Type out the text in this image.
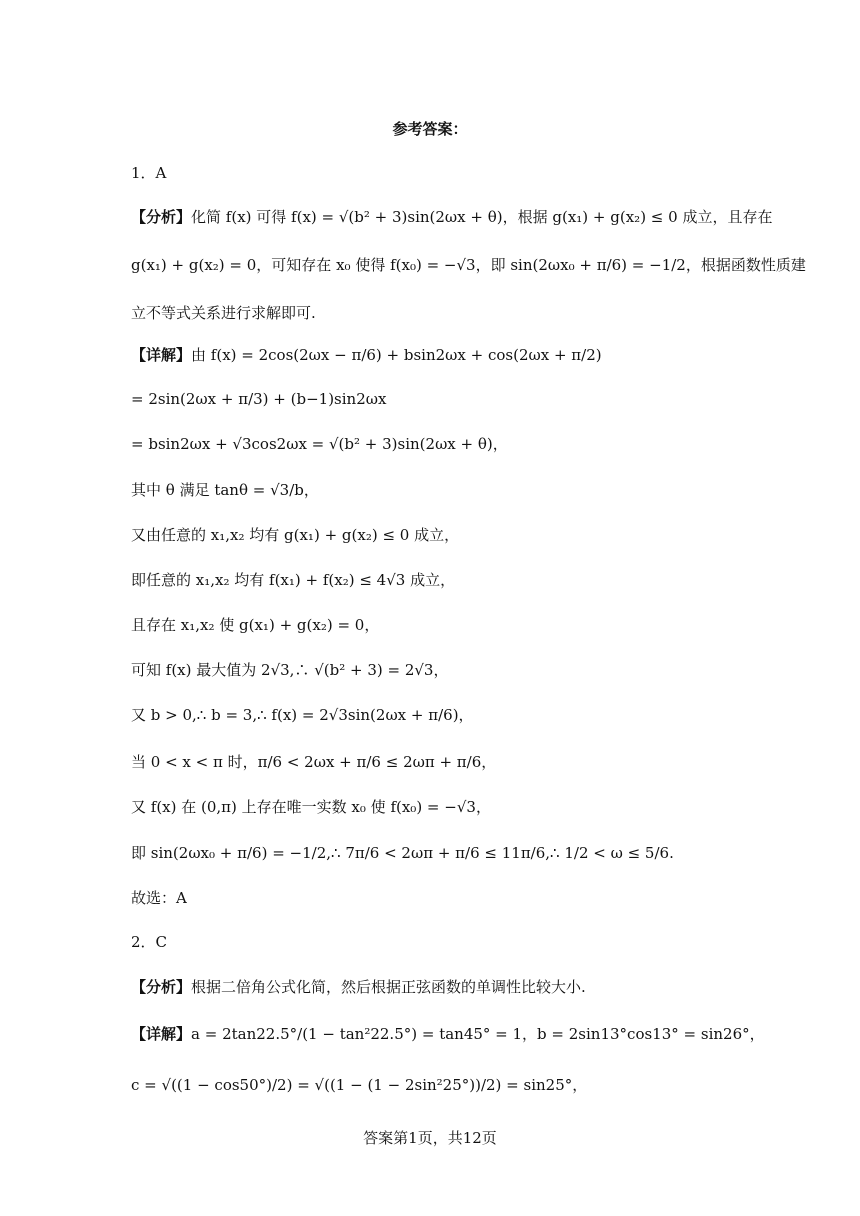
参考答案：
1．A
【分析】化简 f(x) 可得 f(x) = √(b² + 3)sin(2ωx + θ)，根据 g(x₁) + g(x₂) ≤ 0 成立，且存在
g(x₁) + g(x₂) = 0，可知存在 x₀ 使得 f(x₀) = −√3，即 sin(2ωx₀ + π/6) = −1/2，根据函数性质建
立不等式关系进行求解即可.
【详解】由 f(x) = 2cos(2ωx − π/6) + bsin2ωx + cos(2ωx + π/2)
= 2sin(2ωx + π/3) + (b−1)sin2ωx
= bsin2ωx + √3cos2ωx = √(b² + 3)sin(2ωx + θ)，
其中 θ 满足 tanθ = √3/b，
又由任意的 x₁,x₂ 均有 g(x₁) + g(x₂) ≤ 0 成立，
即任意的 x₁,x₂ 均有 f(x₁) + f(x₂) ≤ 4√3 成立，
且存在 x₁,x₂ 使 g(x₁) + g(x₂) = 0，
可知 f(x) 最大值为 2√3,∴ √(b² + 3) = 2√3，
又 b > 0,∴ b = 3,∴ f(x) = 2√3sin(2ωx + π/6)，
当 0 < x < π 时，π/6 < 2ωx + π/6 ≤ 2ωπ + π/6，
又 f(x) 在 (0,π) 上存在唯一实数 x₀ 使 f(x₀) = −√3，
即 sin(2ωx₀ + π/6) = −1/2,∴ 7π/6 < 2ωπ + π/6 ≤ 11π/6,∴ 1/2 < ω ≤ 5/6.
故选：A
2．C
【分析】根据二倍角公式化简，然后根据正弦函数的单调性比较大小.
【详解】a = 2tan22.5°/(1 − tan²22.5°) = tan45° = 1，b = 2sin13°cos13° = sin26°，
c = √((1 − cos50°)/2) = √((1 − (1 − 2sin²25°))/2) = sin25°，
答案第1页，共12页
